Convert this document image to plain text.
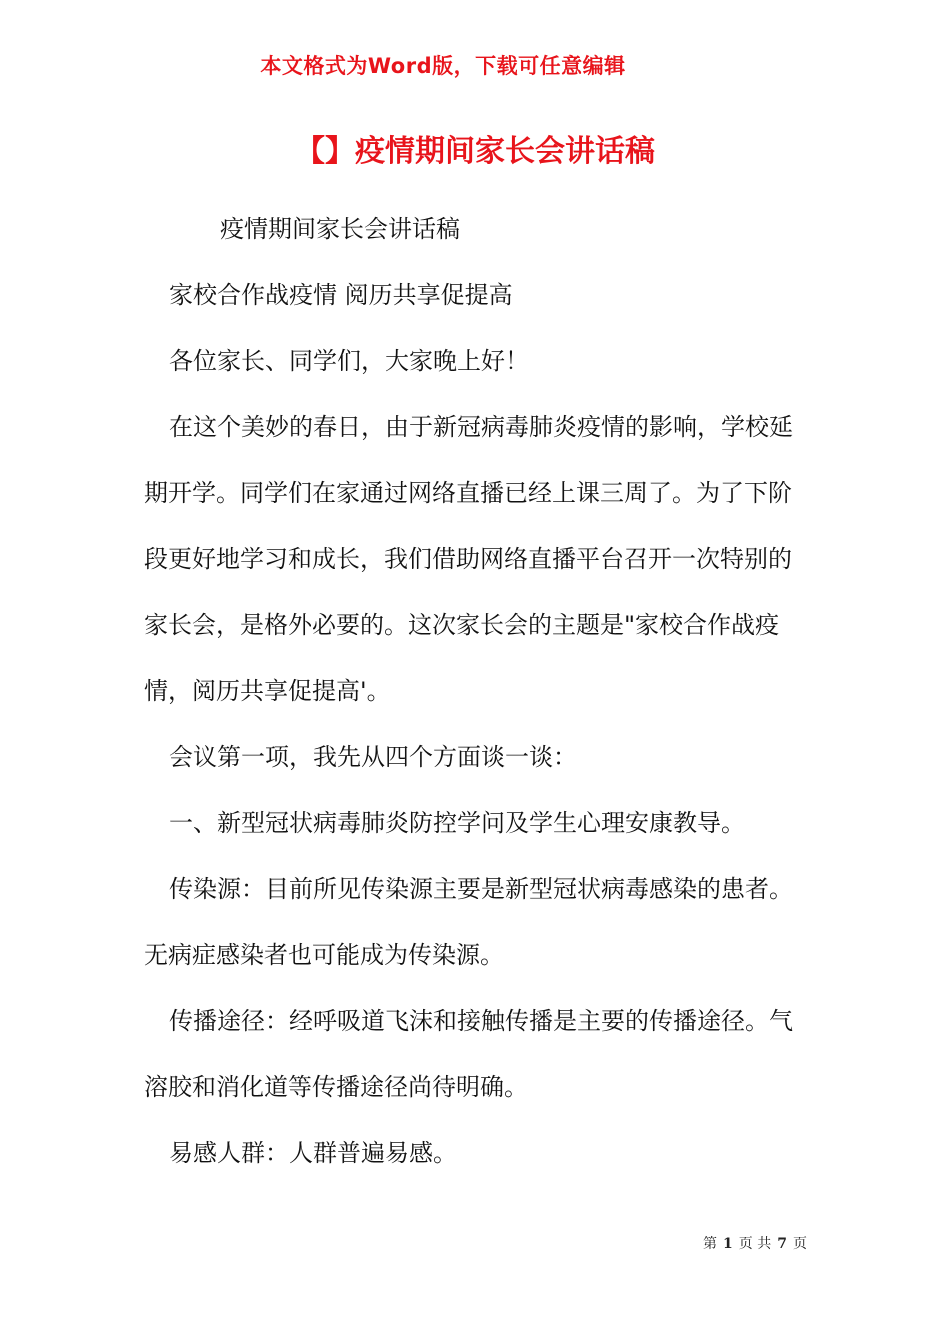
本文格式为Word版，下载可任意编辑
【】疫情期间家长会讲话稿

疫情期间家长会讲话稿

家校合作战疫情 阅历共享促提高

各位家长、同学们，大家晚上好！

在这个美妙的春日，由于新冠病毒肺炎疫情的影响，学校延期开学。同学们在家通过网络直播已经上课三周了。为了下阶段更好地学习和成长，我们借助网络直播平台召开一次特别的家长会，是格外必要的。这次家长会的主题是"家校合作战疫情，阅历共享促提高'。

会议第一项，我先从四个方面谈一谈：

一、新型冠状病毒肺炎防控学问及学生心理安康教导。

传染源：目前所见传染源主要是新型冠状病毒感染的患者。无病症感染者也可能成为传染源。

传播途径：经呼吸道飞沫和接触传播是主要的传播途径。气溶胶和消化道等传播途径尚待明确。

易感人群：人群普遍易感。

第 1 页 共 7 页
